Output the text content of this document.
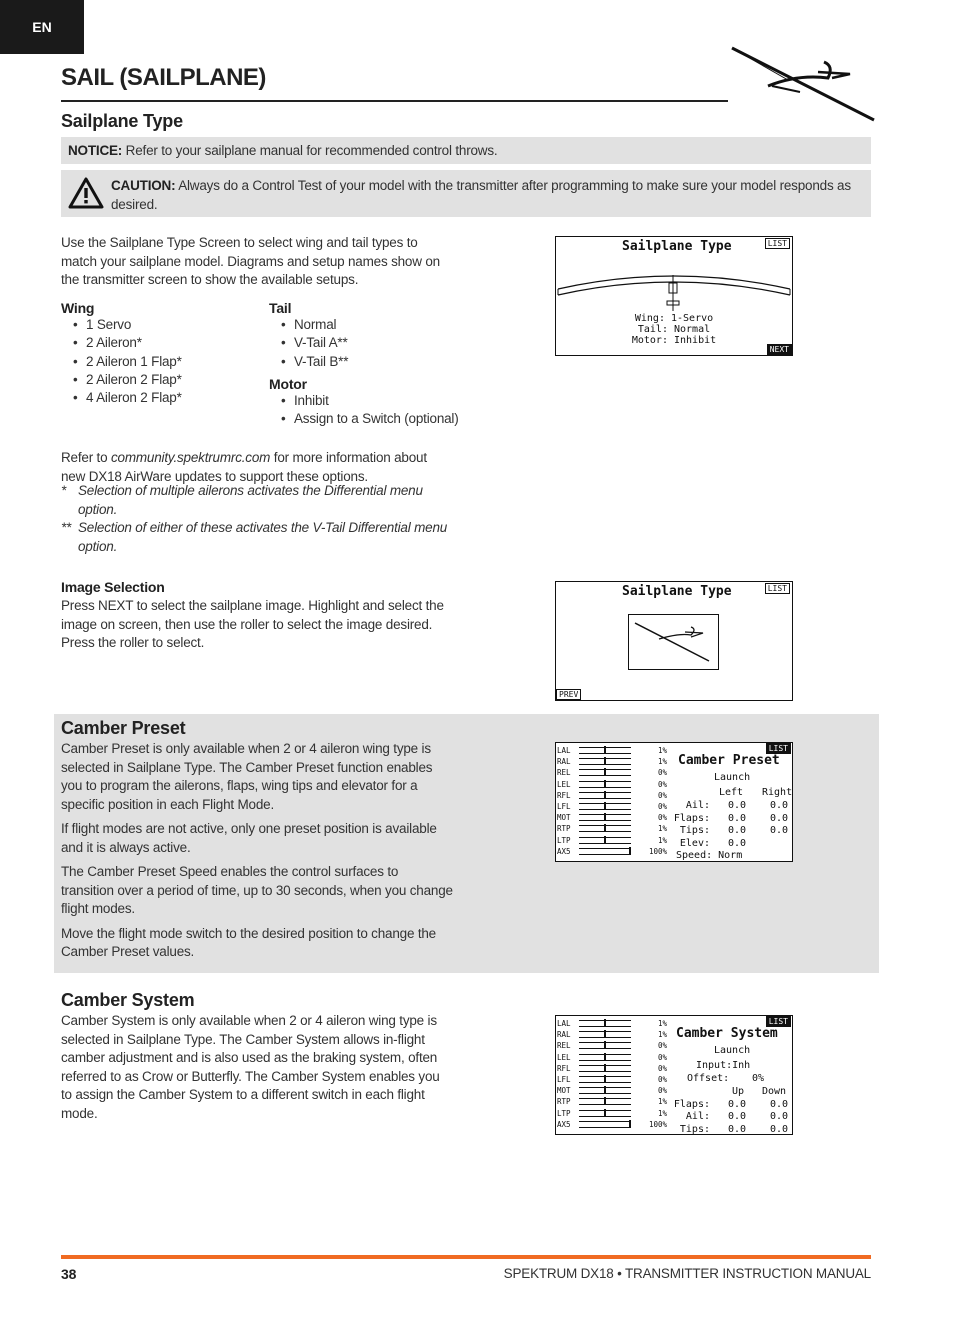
EN
SAIL (SAILPLANE)
Sailplane Type
NOTICE: Refer to your sailplane manual for recommended control throws.
CAUTION: Always do a Control Test of your model with the transmitter after programming to make sure your model responds as desired.
Use the Sailplane Type Screen to select wing and tail types to match your sailplane model. Diagrams and setup names show on the transmitter screen to show the available setups.
Wing
• 1 Servo
• 2 Aileron*
• 2 Aileron 1 Flap*
• 2 Aileron 2 Flap*
• 4 Aileron 2 Flap*
Tail
• Normal
• V-Tail A**
• V-Tail B**
Motor
• Inhibit
• Assign to a Switch (optional)
Refer to community.spektrumrc.com for more information about new DX18 AirWare updates to support these options.
* Selection of multiple ailerons activates the Differential menu option.
** Selection of either of these activates the V-Tail Differential menu option.
Sailplane Type	LIST
Wing: 1-Servo
Tail: Normal
Motor: Inhibit
NEXT
Image Selection
Press NEXT to select the sailplane image. Highlight and select the image on screen, then use the roller to select the image desired. Press the roller to select.
Sailplane Type	LIST
PREV
Camber Preset
Camber Preset is only available when 2 or 4 aileron wing type is selected in Sailplane Type. The Camber Preset function enables you to program the ailerons, flaps, wing tips and elevator for a specific position in each Flight Mode.
If flight modes are not active, only one preset position is available and it is always active.
The Camber Preset Speed enables the control surfaces to transition over a period of time, up to 30 seconds, when you change flight modes.
Move the flight mode switch to the desired position to change the Camber Preset values.
LAL	1%
RAL	1%
REL	0%
LEL	0%
RFL	0%
LFL	0%
MOT	0%
RTP	1%
LTP	1%
AX5	100%
LIST
Camber Preset
Launch
Left Right
Ail:	0.0	0.0
Flaps:	0.0	0.0
Tips:	0.0	0.0
Elev:	0.0
Speed: Norm
Camber System
Camber System is only available when 2 or 4 aileron wing type is selected in Sailplane Type. The Camber System allows in-flight camber adjustment and is also used as the braking system, often referred to as Crow or Butterfly. The Camber System enables you to assign the Camber System to a different switch in each flight mode.
LAL	1%
RAL	1%
REL	0%
LEL	0%
RFL	0%
LFL	0%
MOT	0%
RTP	1%
LTP	1%
AX5	100%
LIST
Camber System
Launch
Input:Inh
Offset: 0%
Up Down
Flaps:	0.0	0.0
Ail:	0.0	0.0
Tips:	0.0	0.0
38	SPEKTRUM DX18 • TRANSMITTER INSTRUCTION MANUAL
